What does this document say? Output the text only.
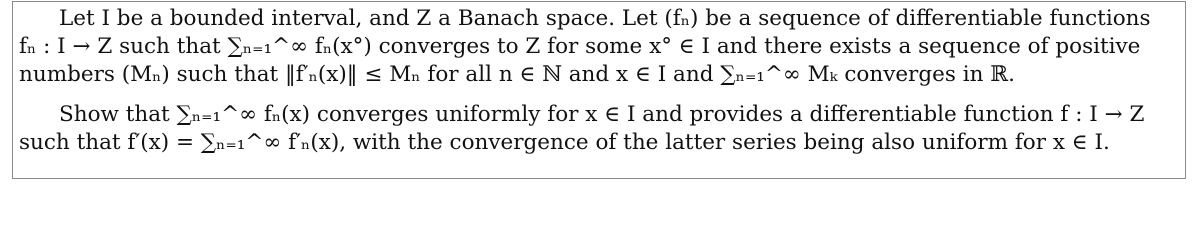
Let I be a bounded interval, and Z a Banach space. Let (fₙ) be a sequence of differentiable functions
fₙ : I → Z such that ∑ₙ₌₁^∞ fₙ(x°) converges to Z for some x° ∈ I and there exists a sequence of positive
numbers (Mₙ) such that ‖f′ₙ(x)‖ ≤ Mₙ for all n ∈ ℕ and x ∈ I and ∑ₙ₌₁^∞ Mₖ converges in ℝ.

Show that ∑ₙ₌₁^∞ fₙ(x) converges uniformly for x ∈ I and provides a differentiable function f : I → Z
such that f′(x) = ∑ₙ₌₁^∞ f′ₙ(x), with the convergence of the latter series being also uniform for x ∈ I.
